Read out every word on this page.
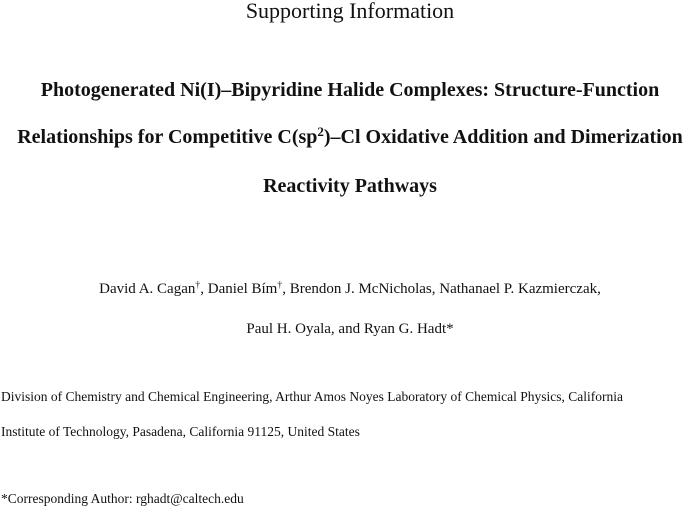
Supporting Information

Photogenerated Ni(I)–Bipyridine Halide Complexes: Structure-Function

Relationships for Competitive $C(sp^2)-Cl$ Oxidative Addition and Dimerization

Reactivity Pathways

David A. Cagan†, Daniel Bím†, Brendon J. McNicholas, Nathanael P. Kazmierczak,

Paul H. Oyala, and Ryan G. Hadt*

Division of Chemistry and Chemical Engineering, Arthur Amos Noyes Laboratory of Chemical Physics, California

Institute of Technology, Pasadena, California 91125, United States

*Corresponding Author: rghadt@caltech.edu
